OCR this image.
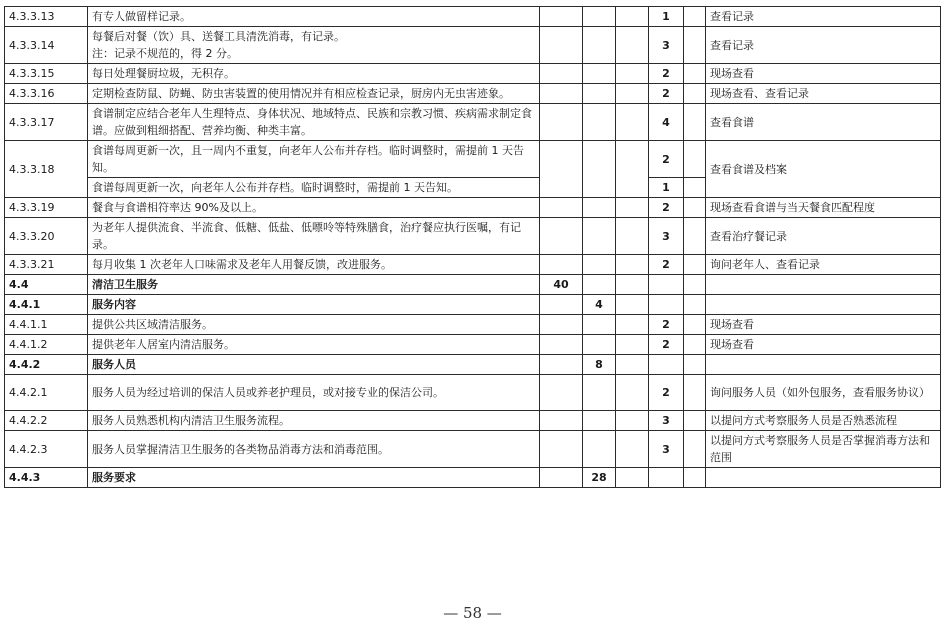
4.3.3.13	有专人做留样记录。				1		查看记录
4.3.3.14	每餐后对餐（饮）具、送餐工具清洗消毒，有记录。
注：记录不规范的，得 2 分。				3		查看记录
4.3.3.15	每日处理餐厨垃圾，无积存。				2		现场查看
4.3.3.16	定期检查防鼠、防蝇、防虫害装置的使用情况并有相应检查记录，厨房内无虫害迹象。				2		现场查看、查看记录
4.3.3.17	食谱制定应结合老年人生理特点、身体状况、地域特点、民族和宗教习惯、疾病需求制定食谱。应做到粗细搭配、营养均衡、种类丰富。				4		查看食谱
4.3.3.18	食谱每周更新一次，且一周内不重复，向老年人公布并存档。临时调整时，需提前 1 天告知。				2		查看食谱及档案
	食谱每周更新一次，向老年人公布并存档。临时调整时，需提前 1 天告知。				1		
4.3.3.19	餐食与食谱相符率达 90%及以上。				2		现场查看食谱与当天餐食匹配程度
4.3.3.20	为老年人提供流食、半流食、低糖、低盐、低嘌呤等特殊膳食，治疗餐应执行医嘱，有记录。				3		查看治疗餐记录
4.3.3.21	每月收集 1 次老年人口味需求及老年人用餐反馈，改进服务。				2		询问老年人、查看记录
4.4	清洁卫生服务	40					
4.4.1	服务内容		4				
4.4.1.1	提供公共区域清洁服务。				2		现场查看
4.4.1.2	提供老年人居室内清洁服务。				2		现场查看
4.4.2	服务人员		8				
4.4.2.1	服务人员为经过培训的保洁人员或养老护理员，或对接专业的保洁公司。				2		询问服务人员（如外包服务，查看服务协议）
4.4.2.2	服务人员熟悉机构内清洁卫生服务流程。				3		以提问方式考察服务人员是否熟悉流程
4.4.2.3	服务人员掌握清洁卫生服务的各类物品消毒方法和消毒范围。				3		以提问方式考察服务人员是否掌握消毒方法和范围
4.4.3	服务要求		28				
— 58 —
